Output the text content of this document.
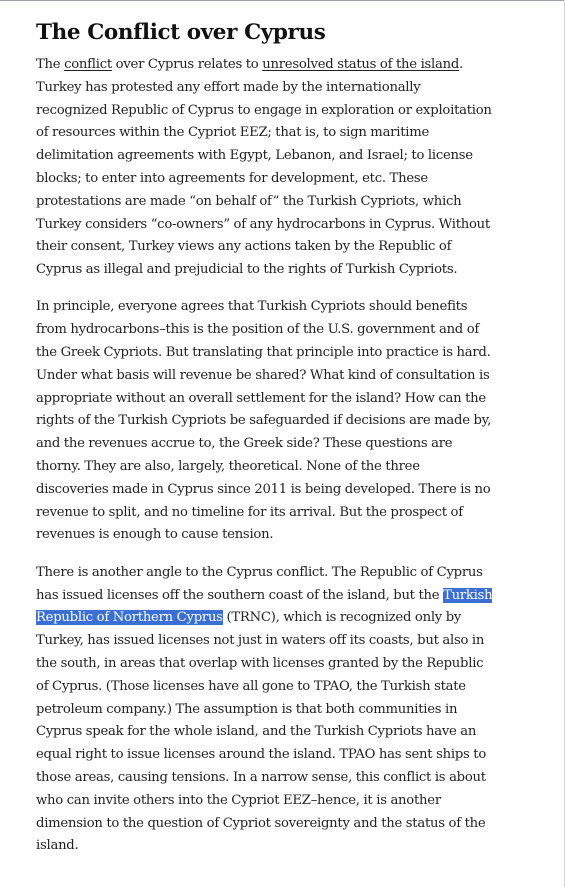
The Conflict over Cyprus

The conflict over Cyprus relates to unresolved status of the island. Turkey has protested any effort made by the internationally recognized Republic of Cyprus to engage in exploration or exploitation of resources within the Cypriot EEZ; that is, to sign maritime delimitation agreements with Egypt, Lebanon, and Israel; to license blocks; to enter into agreements for development, etc. These protestations are made “on behalf of” the Turkish Cypriots, which Turkey considers “co-owners” of any hydrocarbons in Cyprus. Without their consent, Turkey views any actions taken by the Republic of Cyprus as illegal and prejudicial to the rights of Turkish Cypriots.

In principle, everyone agrees that Turkish Cypriots should benefits from hydrocarbons–this is the position of the U.S. government and of the Greek Cypriots. But translating that principle into practice is hard. Under what basis will revenue be shared? What kind of consultation is appropriate without an overall settlement for the island? How can the rights of the Turkish Cypriots be safeguarded if decisions are made by, and the revenues accrue to, the Greek side? These questions are thorny. They are also, largely, theoretical. None of the three discoveries made in Cyprus since 2011 is being developed. There is no revenue to split, and no timeline for its arrival. But the prospect of revenues is enough to cause tension.

There is another angle to the Cyprus conflict. The Republic of Cyprus has issued licenses off the southern coast of the island, but the Turkish Republic of Northern Cyprus (TRNC), which is recognized only by Turkey, has issued licenses not just in waters off its coasts, but also in the south, in areas that overlap with licenses granted by the Republic of Cyprus. (Those licenses have all gone to TPAO, the Turkish state petroleum company.) The assumption is that both communities in Cyprus speak for the whole island, and the Turkish Cypriots have an equal right to issue licenses around the island. TPAO has sent ships to those areas, causing tensions. In a narrow sense, this conflict is about who can invite others into the Cypriot EEZ–hence, it is another dimension to the question of Cypriot sovereignty and the status of the island.
